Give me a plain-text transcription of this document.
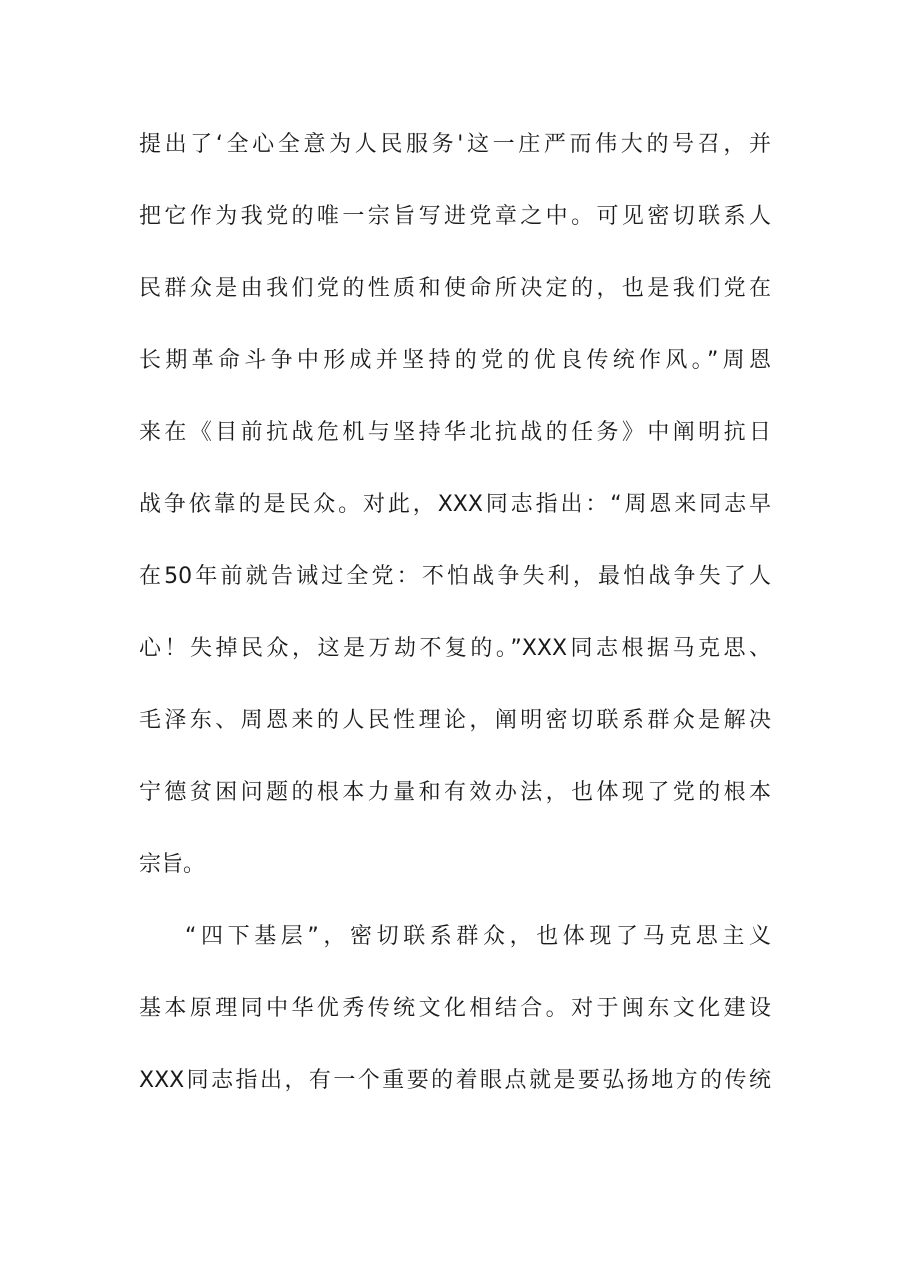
提出了‘全心全意为人民服务'这一庄严而伟大的号召，并
把它作为我党的唯一宗旨写进党章之中。可见密切联系人
民群众是由我们党的性质和使命所决定的，也是我们党在
长期革命斗争中形成并坚持的党的优良传统作风。”周恩
来在《目前抗战危机与坚持华北抗战的任务》中阐明抗日
战争依靠的是民众。对此，XXX同志指出：“周恩来同志早
在50年前就告诫过全党：不怕战争失利，最怕战争失了人
心！失掉民众，这是万劫不复的。”XXX同志根据马克思、
毛泽东、周恩来的人民性理论，阐明密切联系群众是解决
宁德贫困问题的根本力量和有效办法，也体现了党的根本
宗旨。
“四下基层”，密切联系群众，也体现了马克思主义
基本原理同中华优秀传统文化相结合。对于闽东文化建设
XXX同志指出，有一个重要的着眼点就是要弘扬地方的传统
